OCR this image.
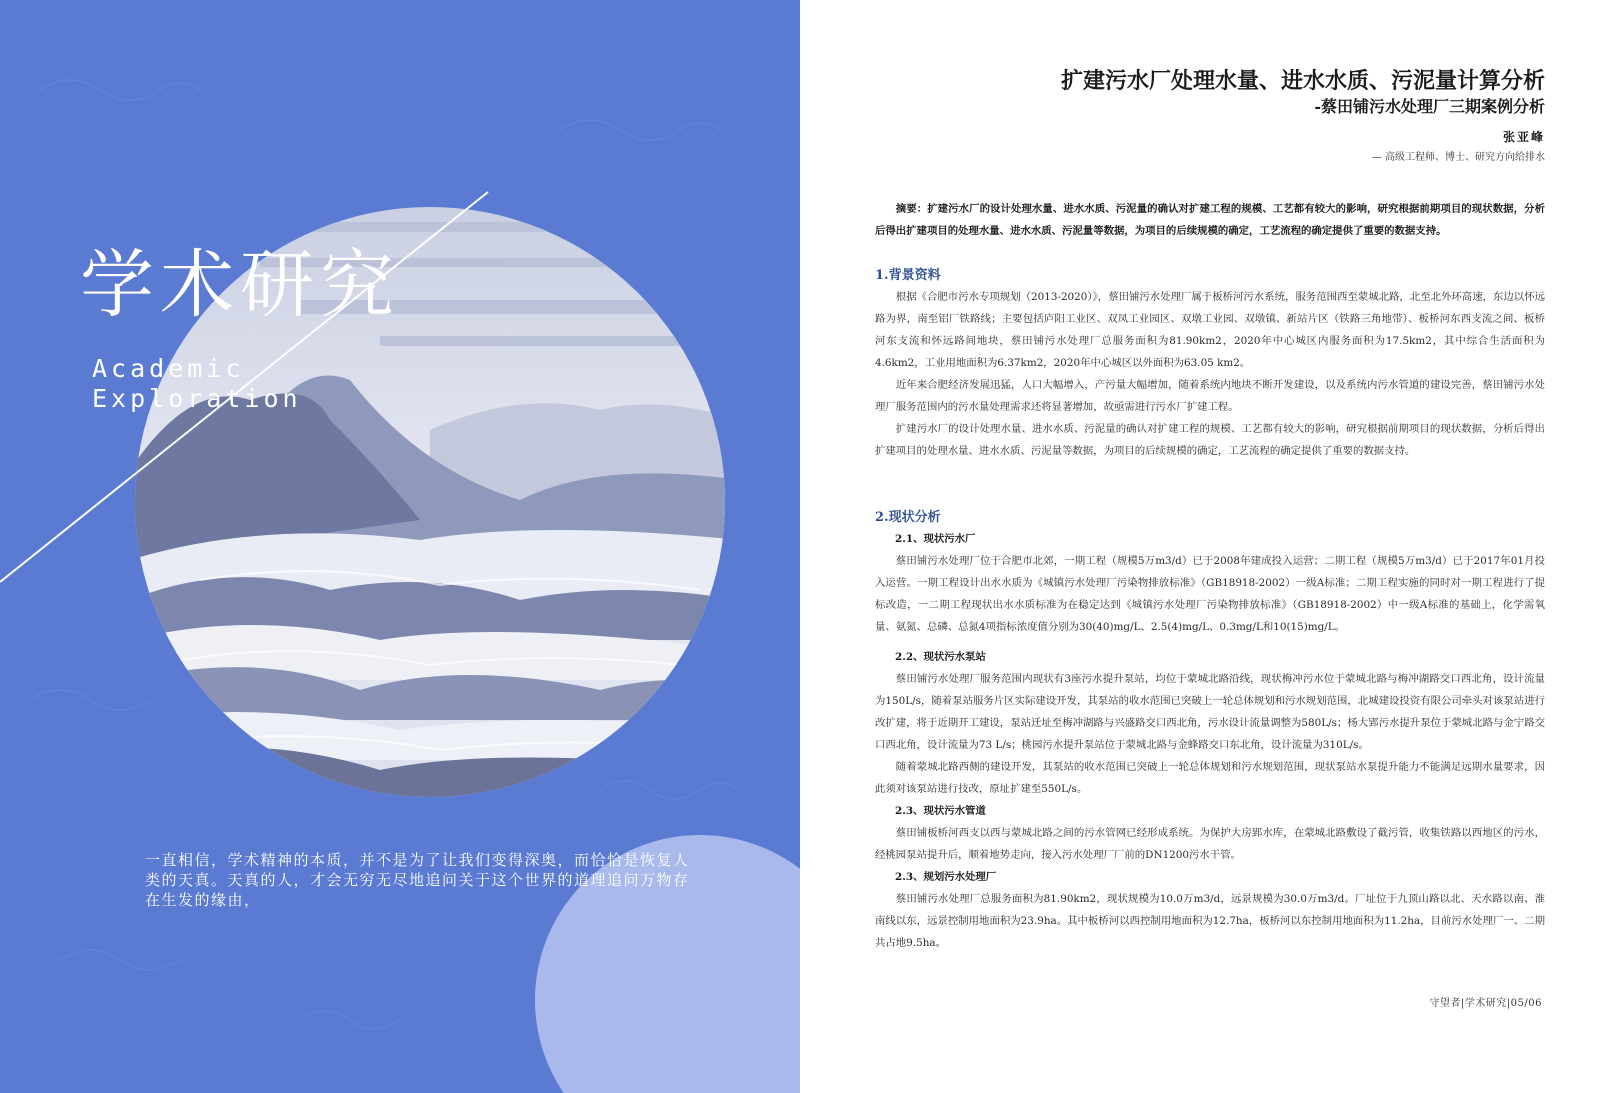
学术研究

Academic
Exploration

一直相信，学术精神的本质，并不是为了让我们变得深奥，而恰恰是恢复人类的天真。天真的人，才会无穷无尽地追问关于这个世界的道理追问万物存在生发的缘由，

扩建污水厂处理水量、进水水质、污泥量计算分析

-蔡田铺污水处理厂三期案例分析

张亚峰

— 高级工程师、博士、研究方向给排水

摘要：扩建污水厂的设计处理水量、进水水质、污泥量的确认对扩建工程的规模、工艺都有较大的影响，研究根据前期项目的现状数据，分析后得出扩建项目的处理水量、进水水质、污泥量等数据，为项目的后续规模的确定，工艺流程的确定提供了重要的数据支持。

1.背景资料

根据《合肥市污水专项规划（2013-2020）》，蔡田铺污水处理厂属于板桥河污水系统，服务范围西至蒙城北路，北至北外环高速，东边以怀远路为界，南至铝厂铁路线；主要包括庐阳工业区、双凤工业园区、双墩工业园、双墩镇、新站片区（铁路三角地带）、板桥河东西支流之间、板桥河东支流和怀远路间地块，蔡田铺污水处理厂总服务面积为81.90km2，2020年中心城区内服务面积为17.5km2，其中综合生活面积为4.6km2，工业用地面积为6.37km2，2020年中心城区以外面积为63.05 km2。

近年来合肥经济发展迅猛，人口大幅增入，产污量大幅增加，随着系统内地块不断开发建设，以及系统内污水管道的建设完善，蔡田铺污水处理厂服务范围内的污水量处理需求还将显著增加，故亟需进行污水厂扩建工程。

扩建污水厂的设计处理水量、进水水质、污泥量的确认对扩建工程的规模、工艺都有较大的影响，研究根据前期项目的现状数据，分析后得出扩建项目的处理水量、进水水质、污泥量等数据，为项目的后续规模的确定，工艺流程的确定提供了重要的数据支持。

2.现状分析

2.1、现状污水厂

蔡田铺污水处理厂位于合肥市北郊，一期工程（规模5万m3/d）已于2008年建成投入运营；二期工程（规模5万m3/d）已于2017年01月投入运营。一期工程设计出水水质为《城镇污水处理厂污染物排放标准》（GB18918-2002）一级A标准；二期工程实施的同时对一期工程进行了提标改造，一二期工程现状出水水质标准为在稳定达到《城镇污水处理厂污染物排放标准》（GB18918-2002）中一级A标准的基础上，化学需氧量、氨氮、总磷、总氮4项指标浓度值分别为30(40)mg/L、2.5(4)mg/L、0.3mg/L和10(15)mg/L。

2.2、现状污水泵站

蔡田铺污水处理厂服务范围内现状有3座污水提升泵站，均位于蒙城北路沿线，现状梅冲污水位于蒙城北路与梅冲湖路交口西北角，设计流量为150L/s，随着泵站服务片区实际建设开发，其泵站的收水范围已突破上一轮总体规划和污水规划范围，北城建设投资有限公司牵头对该泵站进行改扩建，将于近期开工建设，泵站迁址至梅冲湖路与兴盛路交口西北角，污水设计流量调整为580L/s；杨大郢污水提升泵位于蒙城北路与金宁路交口西北角，设计流量为73 L/s；桃园污水提升泵站位于蒙城北路与金蜂路交口东北角，设计流量为310L/s。

随着蒙城北路西侧的建设开发，其泵站的收水范围已突破上一轮总体规划和污水规划范围，现状泵站水泵提升能力不能满足远期水量要求，因此须对该泵站进行技改，原址扩建至550L/s。

2.3、现状污水管道

蔡田铺板桥河西支以西与蒙城北路之间的污水管网已经形成系统。为保护大房郢水库，在蒙城北路敷设了截污管，收集铁路以西地区的污水，经桃园泵站提升后，顺着地势走向，接入污水处理厂厂前的DN1200污水干管。

2.3、规划污水处理厂

蔡田铺污水处理厂总服务面积为81.90km2，现状规模为10.0万m3/d，远景规模为30.0万m3/d。厂址位于九顶山路以北、天水路以南、淮南线以东，远景控制用地面积为23.9ha。其中板桥河以西控制用地面积为12.7ha，板桥河以东控制用地面积为11.2ha，目前污水处理厂一、二期共占地9.5ha。

守望者|学术研究|05/06
